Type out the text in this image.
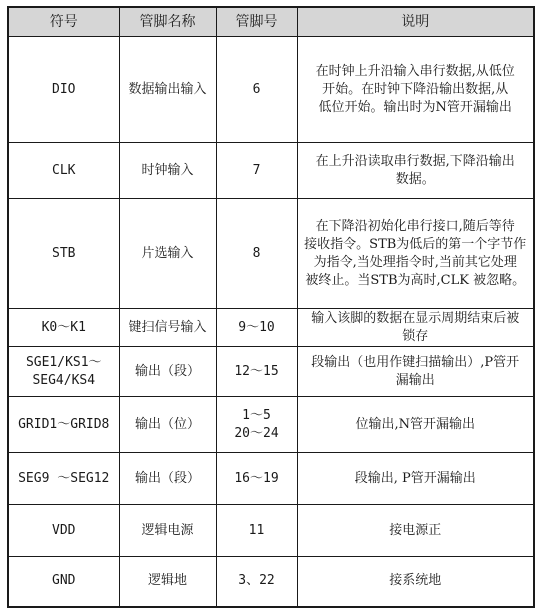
符号	管脚名称	管脚号	说明

DIO	数据输出输入	6	在时钟上升沿输入串行数据,从低位
开始。在时钟下降沿输出数据,从
低位开始。输出时为N管开漏输出

CLK	时钟输入	7	在上升沿读取串行数据,下降沿输出
数据。

STB	片选输入	8	在下降沿初始化串行接口,随后等待
接收指令。STB为低后的第一个字节作
为指令,当处理指令时,当前其它处理
被终止。当STB为高时,CLK 被忽略。

K0～K1	键扫信号输入	9～10	输入该脚的数据在显示周期结束后被
锁存

SGE1/KS1～
SEG4/KS4	输出（段）	12～15	段输出（也用作键扫描输出）,P管开
漏输出

GRID1～GRID8	输出（位）	1～5
20～24	位输出,N管开漏输出

SEG9 ～SEG12	输出（段）	16～19	段输出, P管开漏输出

VDD	逻辑电源	11	接电源正

GND	逻辑地	3、22	接系统地
